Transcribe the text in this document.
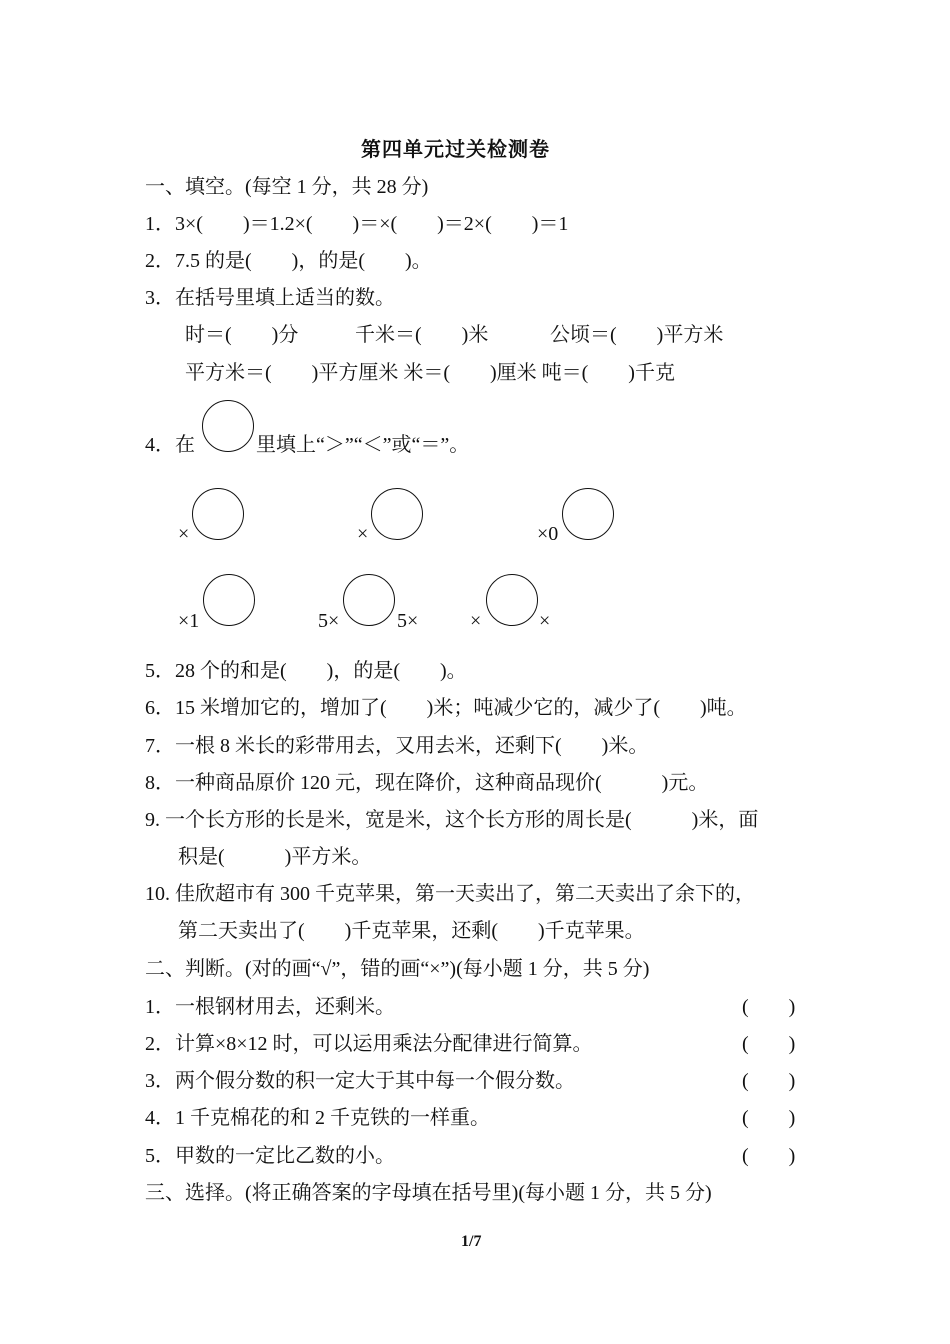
第四单元过关检测卷
一、填空。(每空 1 分，共 28 分)
1．3×(　　)＝1.2×(　　)＝×(　　)＝2×(　　)＝1
2．7.5 的是(　　)，的是(　　)。
3．在括号里填上适当的数。
时＝(　　)分	千米＝(　　)米	公顷＝(　　)平方米
平方米＝(　　)平方厘米 米＝(　　)厘米 吨＝(　　)千克
4．在	里填上“＞”“＜”或“＝”。
×	×	×0
×1	5×	5×	×	×
5．28 个的和是(　　)，的是(　　)。
6．15 米增加它的，增加了(　　)米；吨减少它的，减少了(　　)吨。
7．一根 8 米长的彩带用去，又用去米，还剩下(　　)米。
8．一种商品原价 120 元，现在降价，这种商品现价(　　　)元。
9. 一个长方形的长是米，宽是米，这个长方形的周长是(　　　)米，面
积是(　　　)平方米。
10. 佳欣超市有 300 千克苹果，第一天卖出了，第二天卖出了余下的，
第二天卖出了(　　)千克苹果，还剩(　　)千克苹果。
二、判断。(对的画“√”，错的画“×”)(每小题 1 分，共 5 分)
1．一根钢材用去，还剩米。	(　　)
2．计算×8×12 时，可以运用乘法分配律进行简算。	(　　)
3．两个假分数的积一定大于其中每一个假分数。	(　　)
4．1 千克棉花的和 2 千克铁的一样重。	(　　)
5．甲数的一定比乙数的小。	(　　)
三、选择。(将正确答案的字母填在括号里)(每小题 1 分，共 5 分)
1/7
